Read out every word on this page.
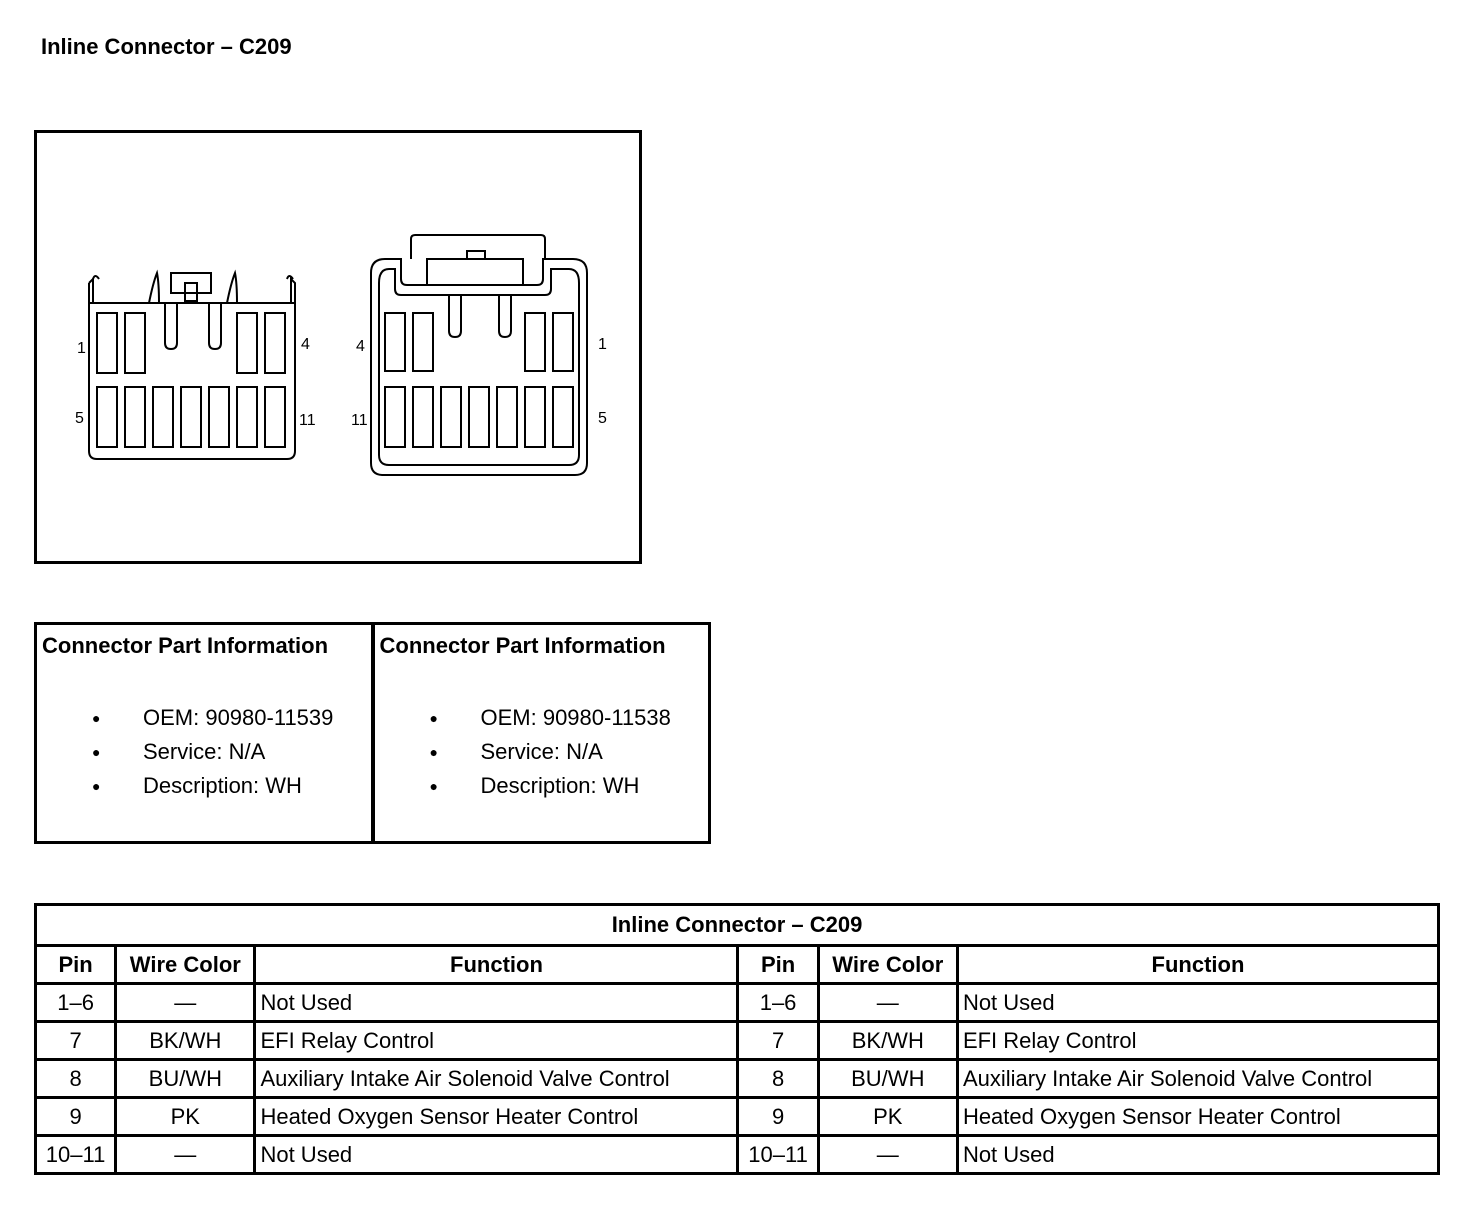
Inline Connector – C209
1	4
5	11
4	1
11	5
Connector Part Information
● OEM: 90980-11539
● Service: N/A
● Description: WH
Connector Part Information
● OEM: 90980-11538
● Service: N/A
● Description: WH
Inline Connector – C209					
Pin	Wire Color	Function	Pin	Wire Color	Function
1–6	—	Not Used	1–6	—	Not Used
7	BK/WH	EFI Relay Control	7	BK/WH	EFI Relay Control
8	BU/WH	Auxiliary Intake Air Solenoid Valve Control	8	BU/WH	Auxiliary Intake Air Solenoid Valve Control
9	PK	Heated Oxygen Sensor Heater Control	9	PK	Heated Oxygen Sensor Heater Control
10–11	—	Not Used	10–11	—	Not Used
